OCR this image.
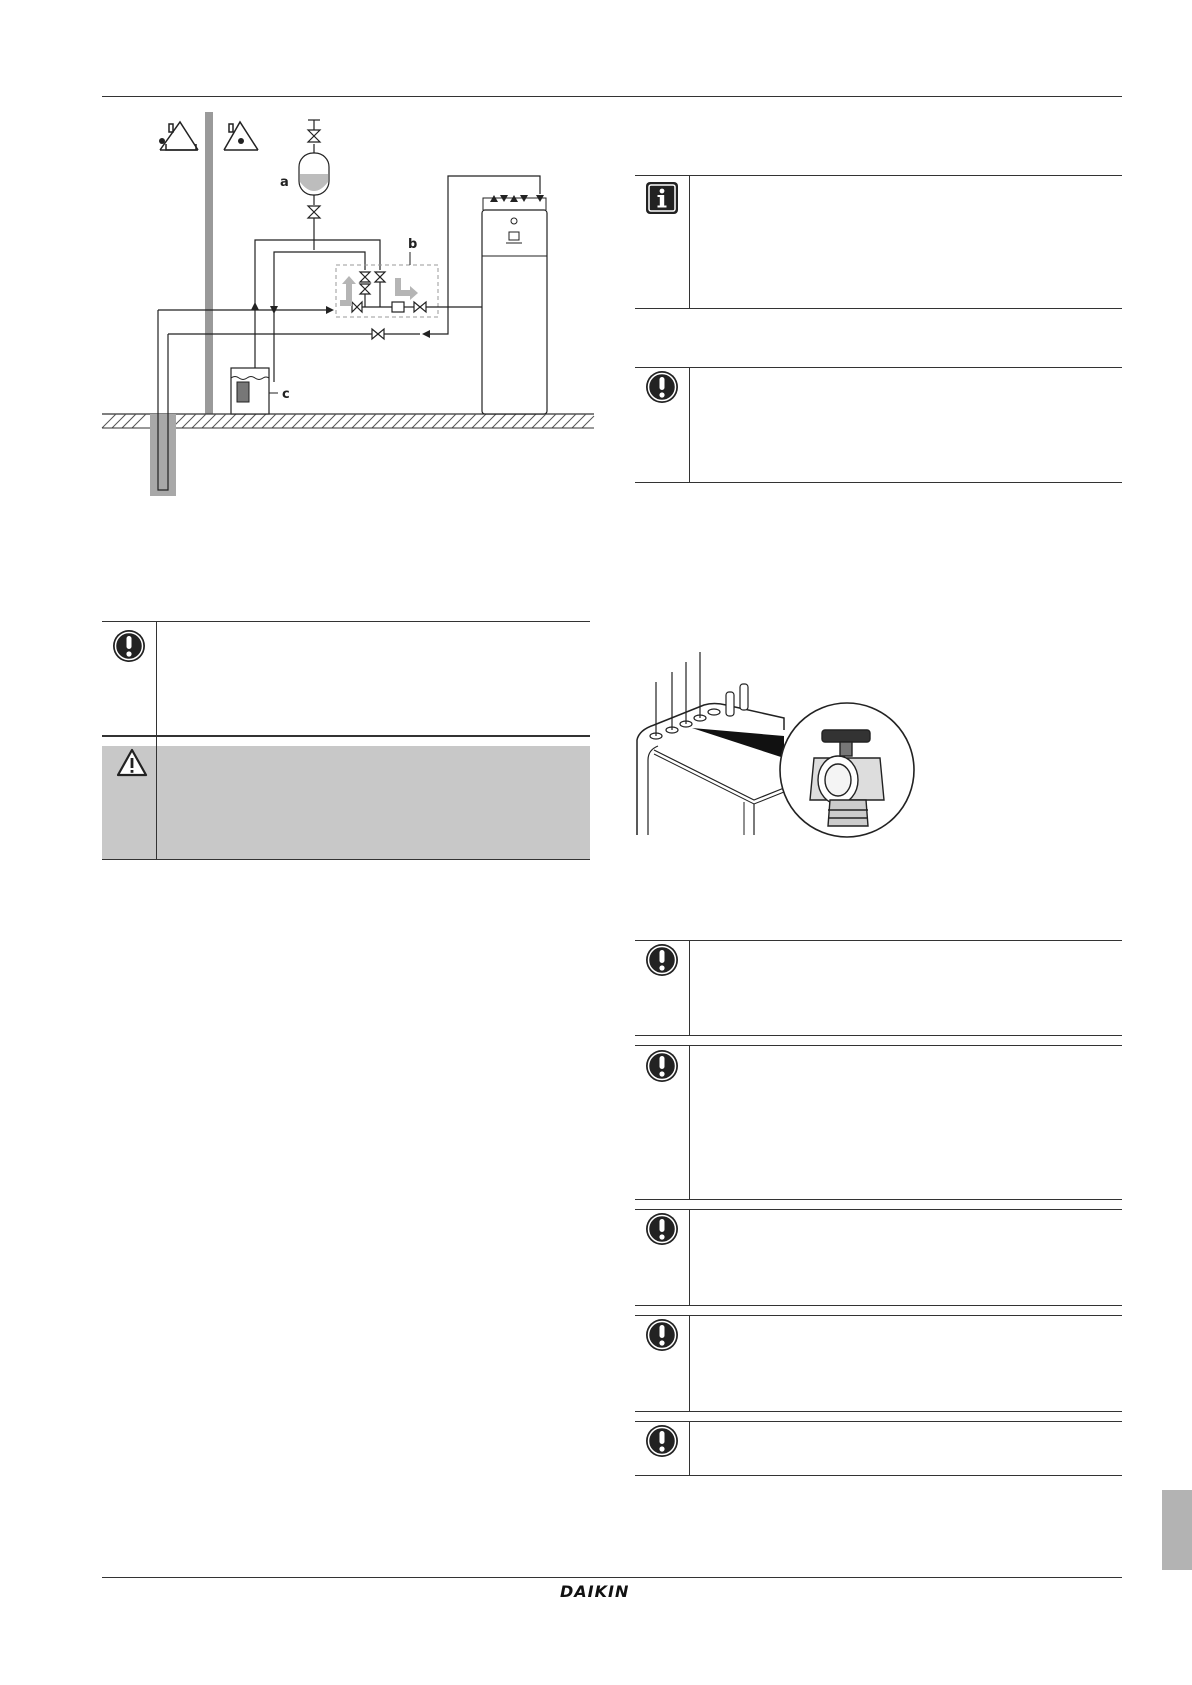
a
b
c
DAIKIN
